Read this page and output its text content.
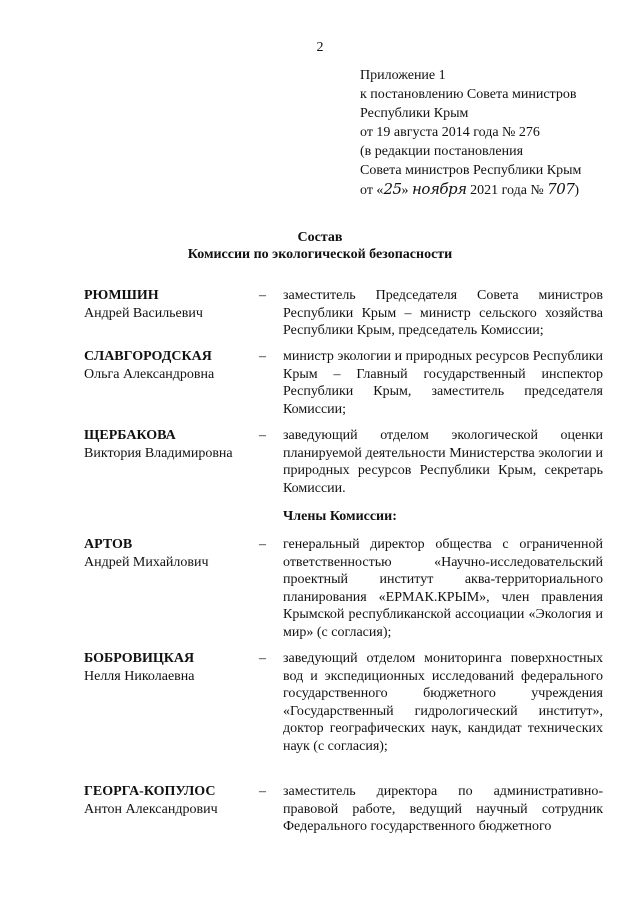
2
Приложение 1
к постановлению Совета министров
Республики Крым
от 19 августа 2014 года № 276
(в редакции постановления
Совета министров Республики Крым
от «25» ноября 2021 года № 707)
Состав
Комиссии по экологической безопасности
РЮМШИН
Андрей Васильевич
– заместитель Председателя Совета министров Республики Крым – министр сельского хозяйства Республики Крым, председатель Комиссии;
СЛАВГОРОДСКАЯ
Ольга Александровна
– министр экологии и природных ресурсов Республики Крым – Главный государственный инспектор Республики Крым, заместитель председателя Комиссии;
ЩЕРБАКОВА
Виктория Владимировна
– заведующий отделом экологической оценки планируемой деятельности Министерства экологии и природных ресурсов Республики Крым, секретарь Комиссии.
Члены Комиссии:
АРТОВ
Андрей Михайлович
– генеральный директор общества с ограниченной ответственностью «Научно-исследовательский проектный институт аква-территориального планирования «ЕРМАК.КРЫМ», член правления Крымской республиканской ассоциации «Экология и мир» (с согласия);
БОБРОВИЦКАЯ
Нелля Николаевна
– заведующий отделом мониторинга поверхностных вод и экспедиционных исследований федерального государственного бюджетного учреждения «Государственный гидрологический институт», доктор географических наук, кандидат технических наук (с согласия);
ГЕОРГА-КОПУЛОС
Антон Александрович
– заместитель директора по административно-правовой работе, ведущий научный сотрудник Федерального государственного бюджетного
